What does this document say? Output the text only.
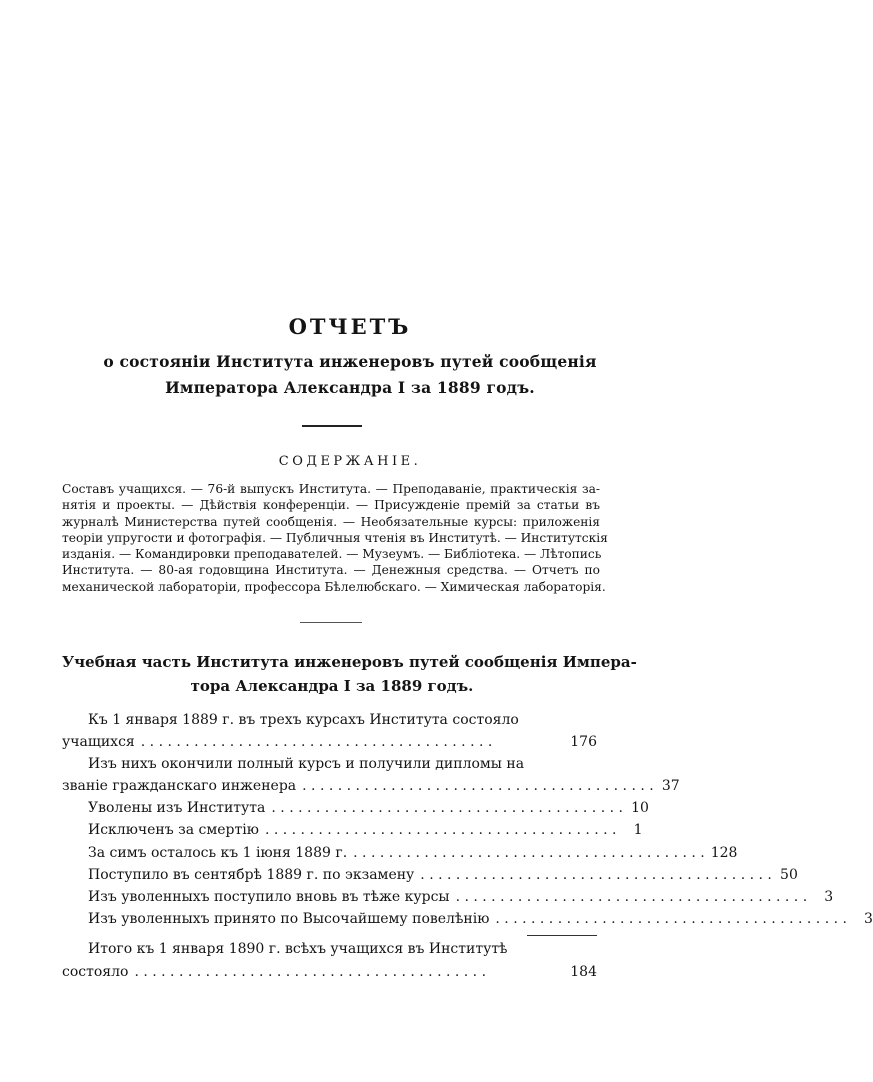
ОТЧЕТЪ
о состоянiи Института инженеровъ путей сообщенiя
Императора Александра I за 1889 годъ.
СОДЕРЖАНIЕ.
Составъ учащихся. — 76-й выпускъ Института. — Преподаванiе, практическiя за-
нятiя и проекты. — Дѣйствiя конференцiи. — Присужденiе премiй за статьи въ
журналѣ Министерства путей сообщенiя. — Необязательные курсы: приложенiя
теорiи упругости и фотографiя. — Публичныя чтенiя въ Институтѣ. — Институтскiя
изданiя. — Командировки преподавателей. — Музеумъ. — Библiотека. — Лѣтопись
Института. — 80-ая годовщина Института. — Денежныя средства. — Отчетъ по
механической лабораторiи, профессора Бѣлелюбскаго. — Химическая лабораторiя.
Учебная часть Института инженеровъ путей сообщенiя Импера-
тора Александра I за 1889 годъ.
Къ 1 января 1889 г. въ трехъ курсахъ Института состояло
учащихся . . . . . . . . . . . . . . . . . . . . . . . . . . . . . . . . . . . . . . . .	176
Изъ нихъ окончили полный курсъ и получили дипломы на
званiе гражданскаго инженера . . . . . . . . . . . . . . . . . . . . . . . . . . . . . . . . . . . . . . . . 37
Уволены изъ Института . . . . . . . . . . . . . . . . . . . . . . . . . . . . . . . . . . . . . . . . 10
Исключенъ за смертiю . . . . . . . . . . . . . . . . . . . . . . . . . . . . . . . . . . . . . . . .	1
За симъ осталось къ 1 iюня 1889 г. . . . . . . . . . . . . . . . . . . . . . . . . . . . . . . . . . . . . . . . . 128
Поступило въ сентябрѣ 1889 г. по экзамену . . . . . . . . . . . . . . . . . . . . . . . . . . . . . . . . . . . . . . . . 50
Изъ уволенныхъ поступило вновь въ тѣже курсы . . . . . . . . . . . . . . . . . . . . . . . . . . . . . . . . . . . . . . . .	3
Изъ уволенныхъ принято по Высочайшему повелѣнiю . . . . . . . . . . . . . . . . . . . . . . . . . . . . . . . . . . . . . . . .	3
Итого къ 1 января 1890 г. всѣхъ учащихся въ Институтѣ
состояло . . . . . . . . . . . . . . . . . . . . . . . . . . . . . . . . . . . . . . . .	184
